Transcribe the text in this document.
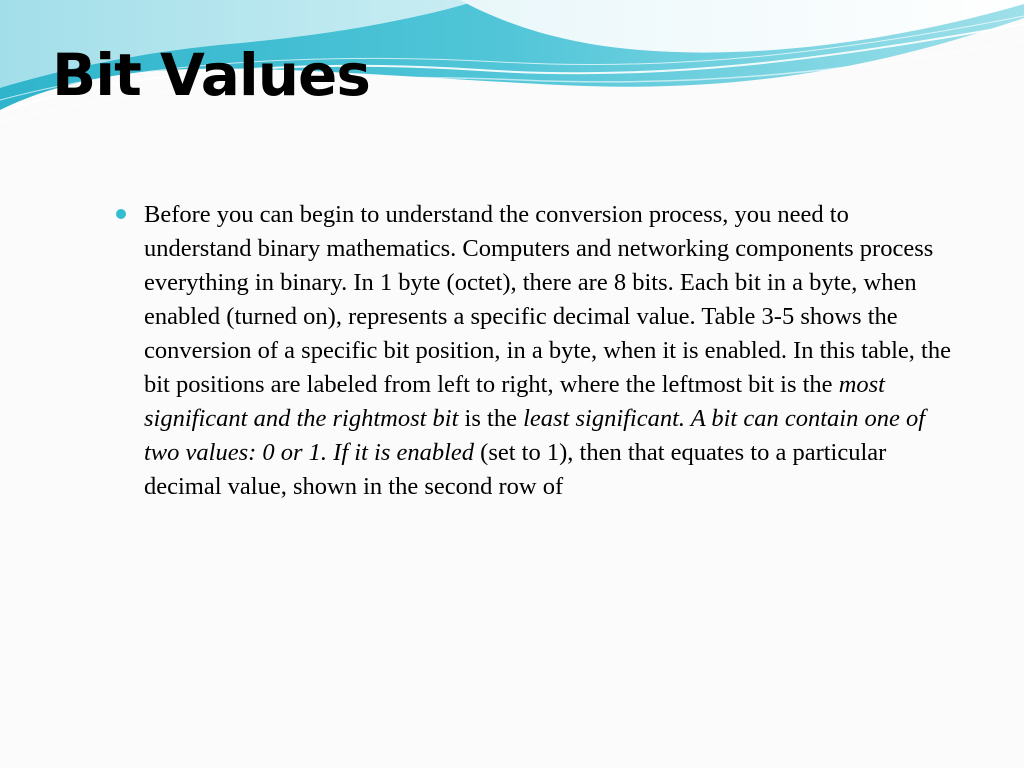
Bit Values
Before you can begin to understand the conversion process, you need to understand binary mathematics. Computers and networking components process everything in binary. In 1 byte (octet), there are 8 bits. Each bit in a byte, when enabled (turned on), represents a specific decimal value. Table 3-5 shows the conversion of a specific bit position, in a byte, when it is enabled. In this table, the bit positions are labeled from left to right, where the leftmost bit is the most significant and the rightmost bit is the least significant. A bit can contain one of two values: 0 or 1. If it is enabled (set to 1), then that equates to a particular decimal value, shown in the second row of
